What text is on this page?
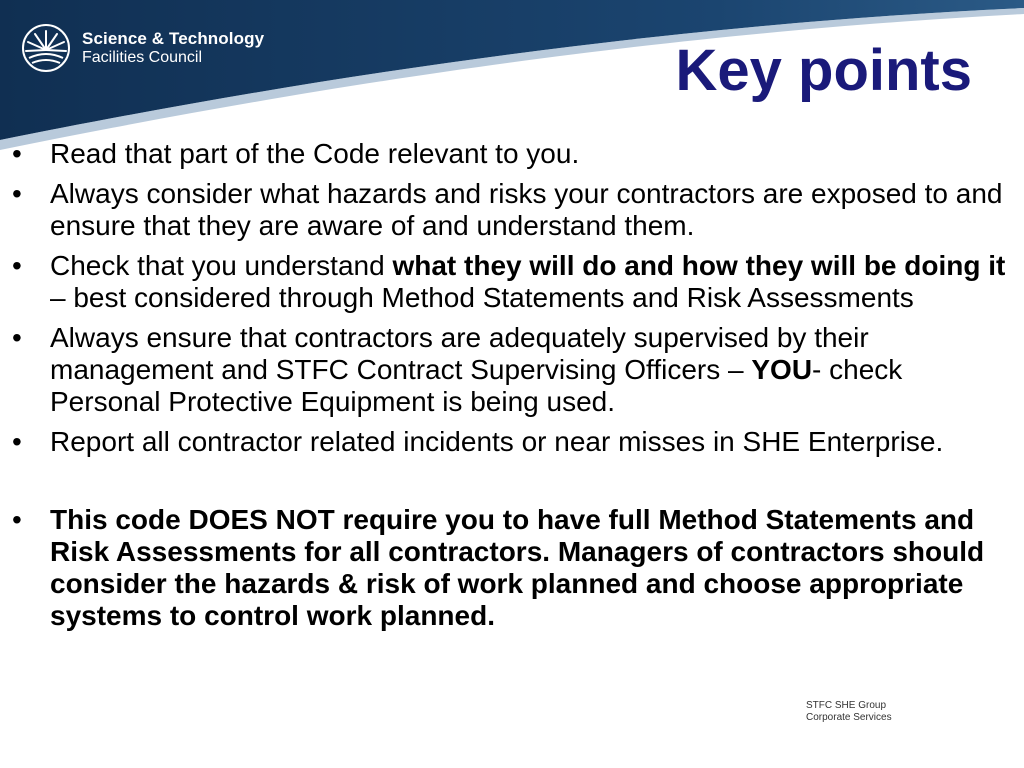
Science & Technology
Facilities Council	Key points
• Read that part of the Code relevant to you.
• Always consider what hazards and risks your contractors are exposed to and ensure that they are aware of and understand them.
• Check that you understand what they will do and how they will be doing it – best considered through Method Statements and Risk Assessments
• Always ensure that contractors are adequately supervised by their management and STFC Contract Supervising Officers – YOU- check Personal Protective Equipment is being used.
• Report all contractor related incidents or near misses in SHE Enterprise.
• This code DOES NOT require you to have full Method Statements and Risk Assessments for all contractors. Managers of contractors should consider the hazards & risk of work planned and choose appropriate systems to control work planned.
STFC SHE Group
Corporate Services
